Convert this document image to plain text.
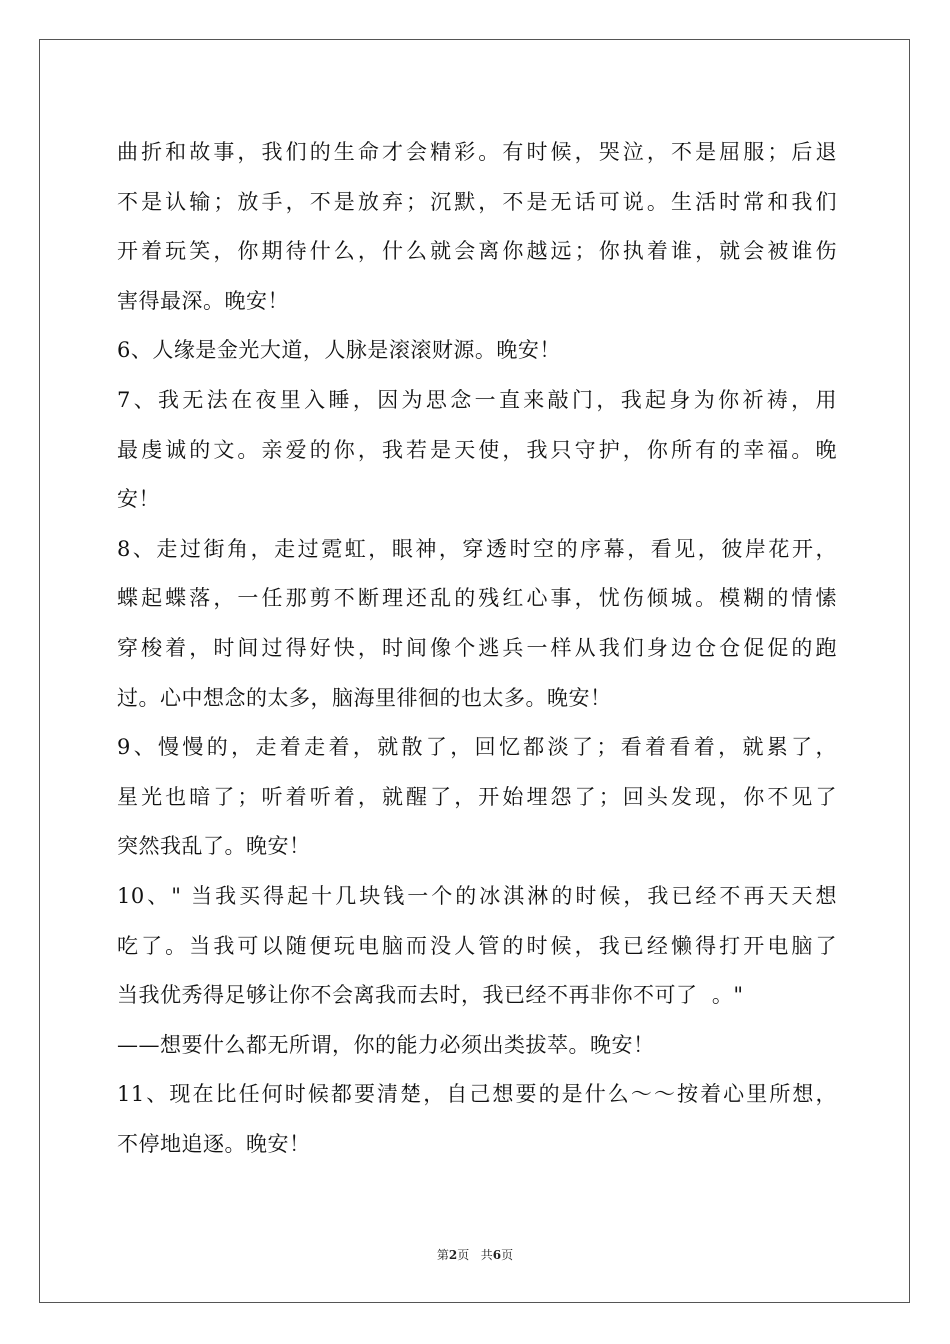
曲折和故事，我们的生命才会精彩。有时候，哭泣，不是屈服；后退
不是认输；放手，不是放弃；沉默，不是无话可说。生活时常和我们
开着玩笑，你期待什么，什么就会离你越远；你执着谁，就会被谁伤
害得最深。晚安！
6、人缘是金光大道，人脉是滚滚财源。晚安！
7、我无法在夜里入睡，因为思念一直来敲门，我起身为你祈祷，用
最虔诚的文。亲爱的你，我若是天使，我只守护，你所有的幸福。晚
安！
8、走过街角，走过霓虹，眼神，穿透时空的序幕，看见，彼岸花开，
蝶起蝶落，一任那剪不断理还乱的残红心事，忧伤倾城。模糊的情愫
穿梭着，时间过得好快，时间像个逃兵一样从我们身边仓仓促促的跑
过。心中想念的太多，脑海里徘徊的也太多。晚安！
9、慢慢的，走着走着，就散了，回忆都淡了；看着看着，就累了，
星光也暗了；听着听着，就醒了，开始埋怨了；回头发现，你不见了
突然我乱了。晚安！
10、" 当我买得起十几块钱一个的冰淇淋的时候，我已经不再天天想
吃了。当我可以随便玩电脑而没人管的时候，我已经懒得打开电脑了
当我优秀得足够让你不会离我而去时，我已经不再非你不可了  。"
——想要什么都无所谓，你的能力必须出类拔萃。晚安！
11、现在比任何时候都要清楚，自己想要的是什么～～按着心里所想，
不停地追逐。晚安！
第2页 共6页
